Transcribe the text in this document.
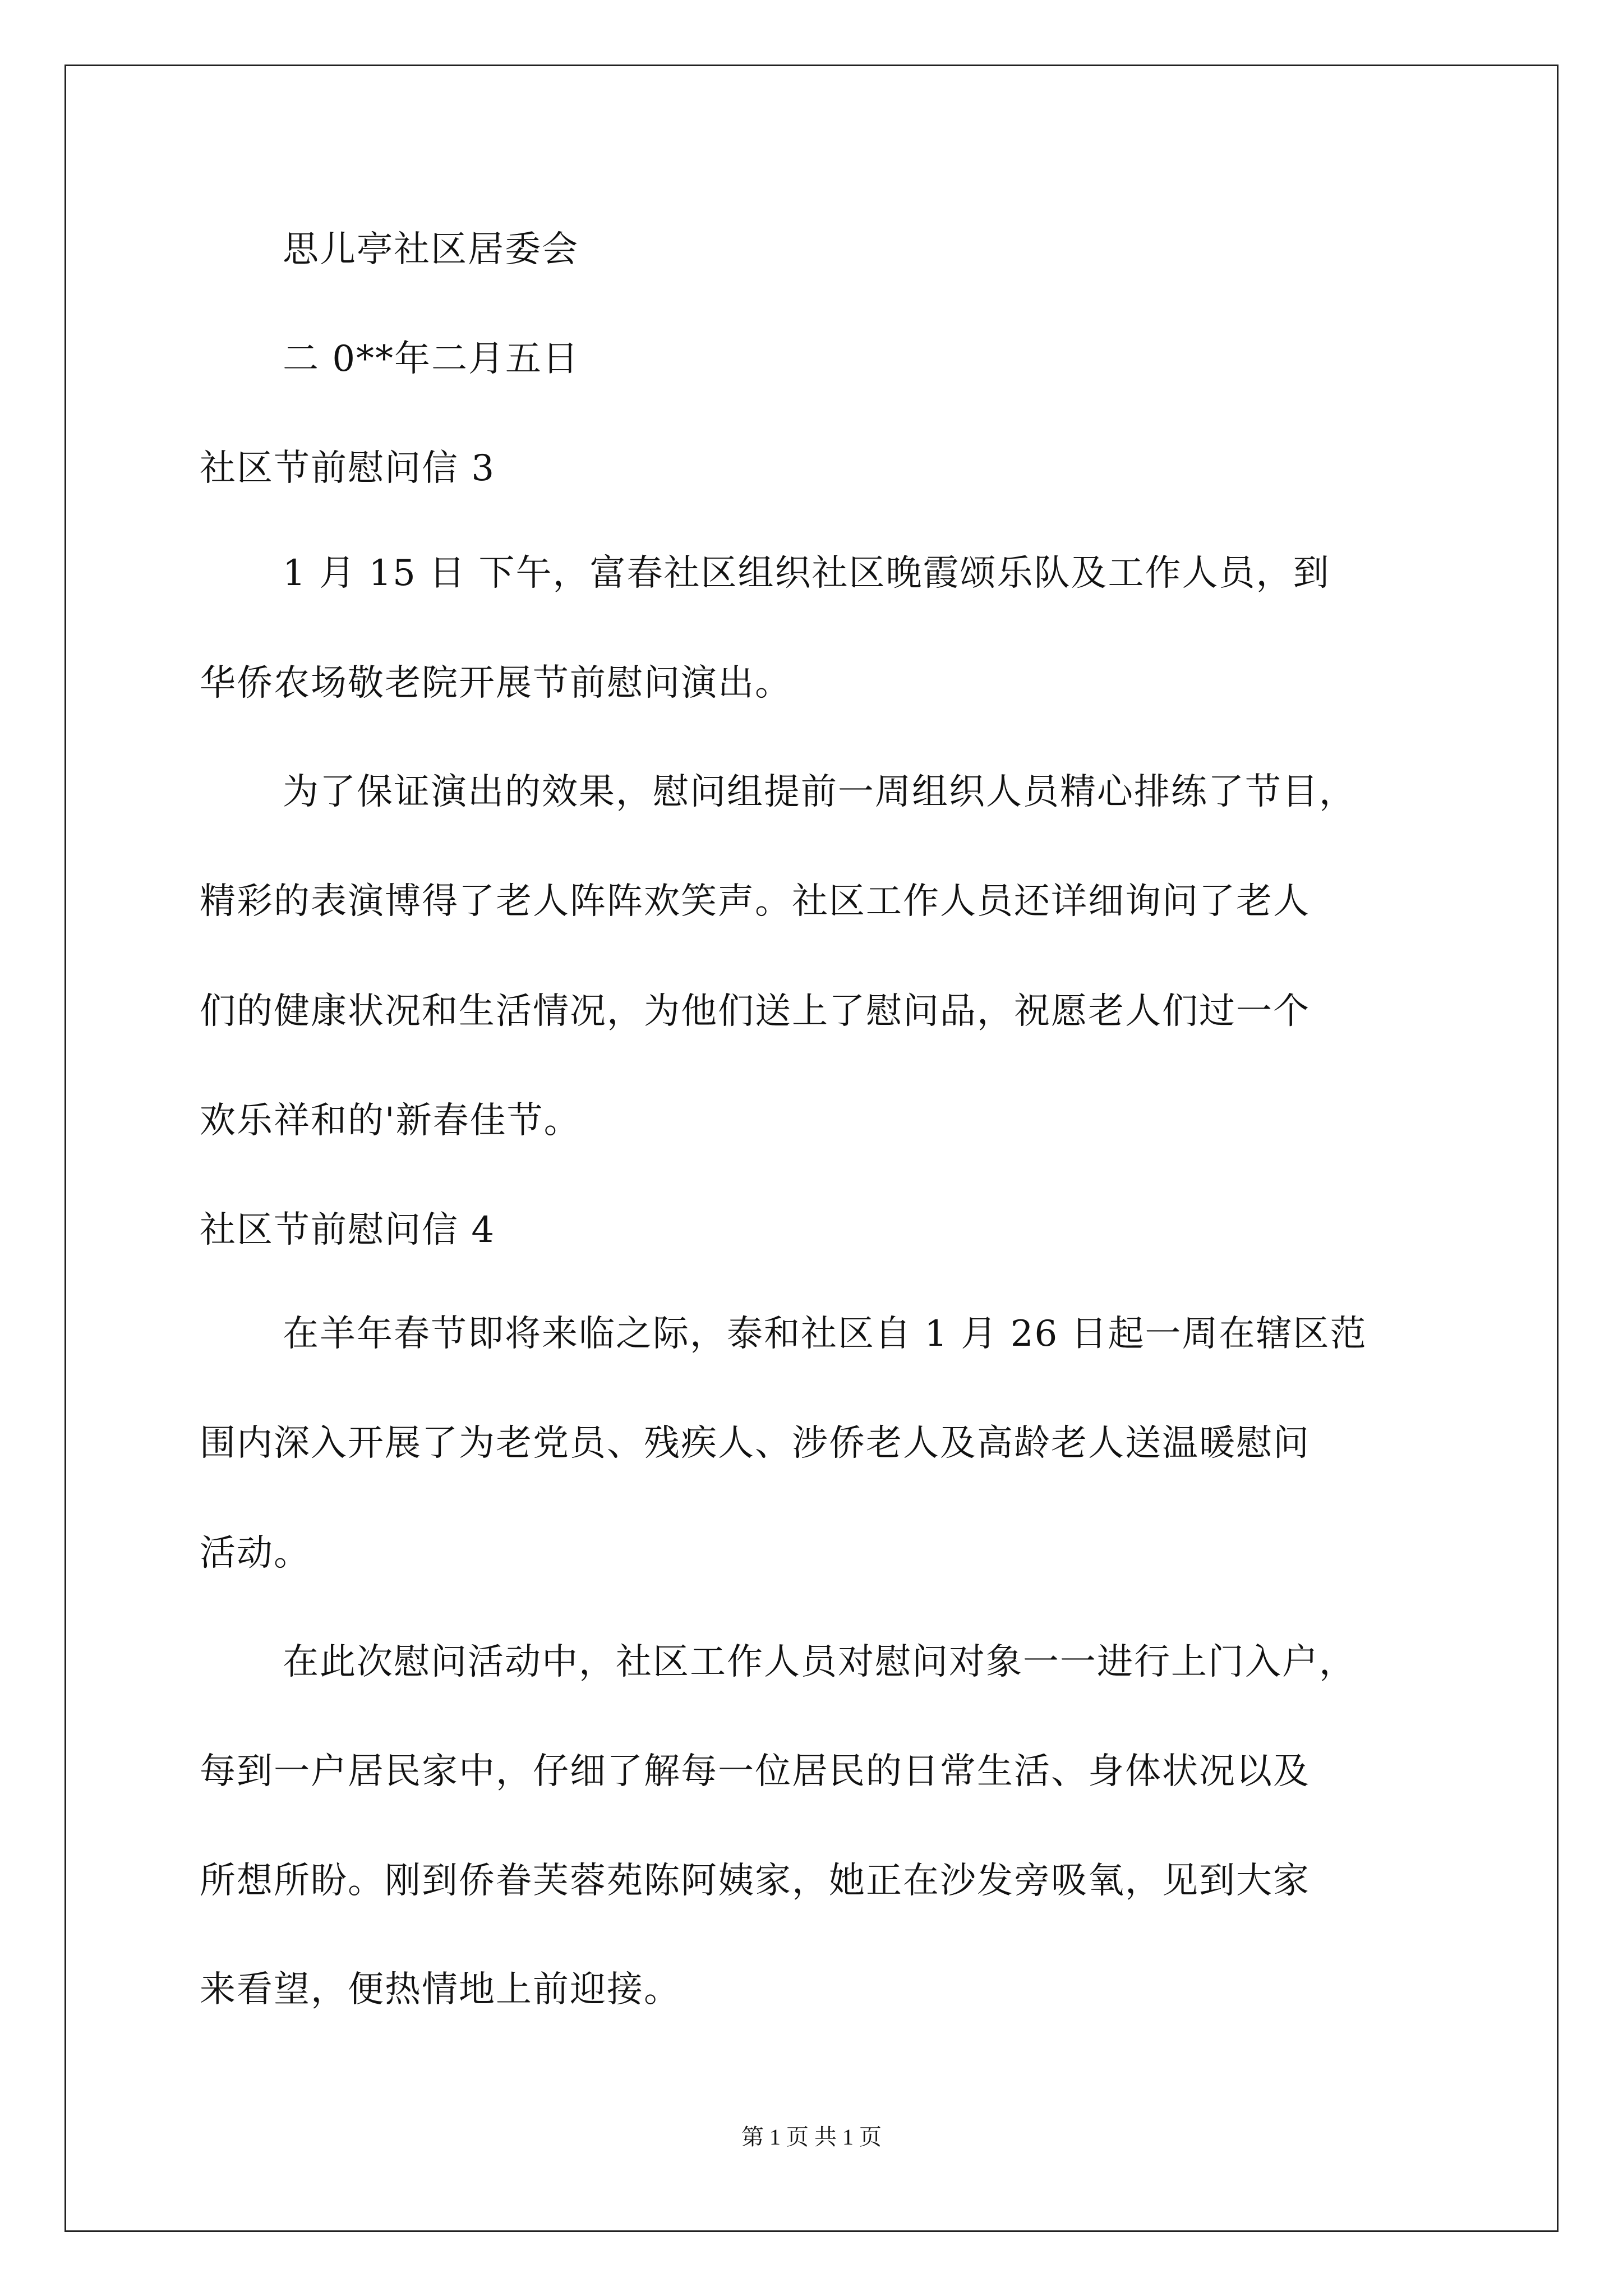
思儿亭社区居委会
二 0**年二月五日
社区节前慰问信 3
1 月 15 日 下午，富春社区组织社区晚霞颂乐队及工作人员，到
华侨农场敬老院开展节前慰问演出。
为了保证演出的效果，慰问组提前一周组织人员精心排练了节目，
精彩的表演博得了老人阵阵欢笑声。社区工作人员还详细询问了老人
们的健康状况和生活情况，为他们送上了慰问品，祝愿老人们过一个
欢乐祥和的'新春佳节。
社区节前慰问信 4
在羊年春节即将来临之际，泰和社区自 1 月 26 日起一周在辖区范
围内深入开展了为老党员、残疾人、涉侨老人及高龄老人送温暖慰问
活动。
在此次慰问活动中，社区工作人员对慰问对象一一进行上门入户，
每到一户居民家中，仔细了解每一位居民的日常生活、身体状况以及
所想所盼。刚到侨眷芙蓉苑陈阿姨家，她正在沙发旁吸氧，见到大家
来看望，便热情地上前迎接。
第 1 页 共 1 页
